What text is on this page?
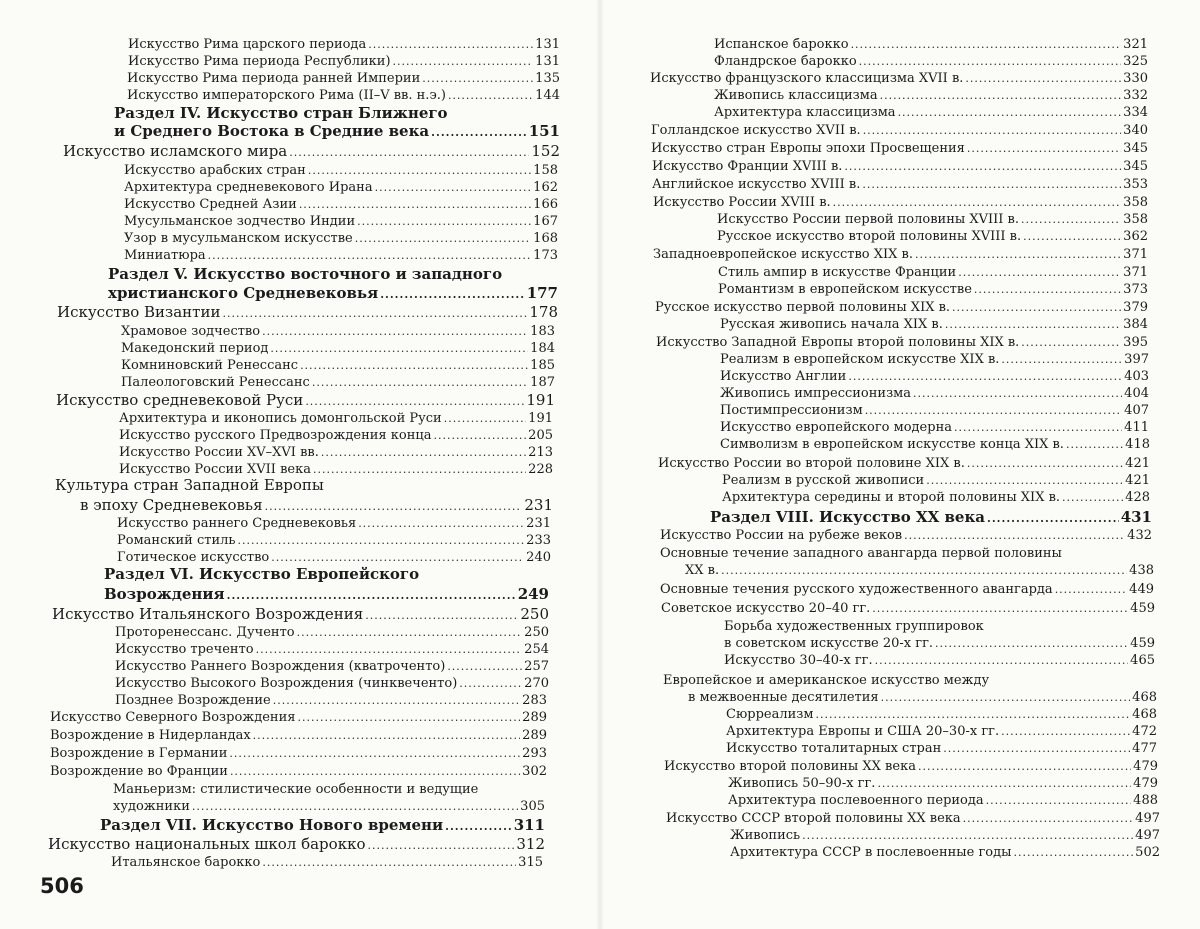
Искусство Рима царского периода
.....	131
Искусство Рима периода Республики)
.....	131
Искусство Рима периода ранней Империи
.....	135
Искусство императорского Рима (II–V вв. н.э.)
.....	144
Раздел IV. Искусство стран Ближнего
и Среднего Востока в Средние века
.....	151
Искусство исламского мира
.....	152
Искусство арабских стран
.....	158
Архитектура средневекового Ирана
.....	162
Искусство Средней Азии
.....	166
Мусульманское зодчество Индии
.....	167
Узор в мусульманском искусстве
.....	168
Миниатюра
.....	173
Раздел V. Искусство восточного и западного
христианского Средневековья
.....	177
Искусство Византии
.....	178
Храмовое зодчество
.....	183
Македонский период
.....	184
Комниновский Ренессанс
.....	185
Палеологовский Ренессанс
.....	187
Искусство средневековой Руси
.....	191
Архитектура и иконопись домонгольской Руси
.....	191
Искусство русского Предвозрождения конца
.....	205
Искусство России XV–XVI вв.
.....	213
Искусство России XVII века
.....	228
Культура стран Западной Европы
в эпоху Средневековья
.....	231
Искусство раннего Средневековья
.....	231
Романский стиль
.....	233
Готическое искусство
.....	240
Раздел VI. Искусство Европейского
Возрождения
.....	249
Искусство Итальянского Возрождения
.....	250
Проторенессанс. Дученто
.....	250
Искусство треченто
.....	254
Искусство Раннего Возрождения (кватроченто)
.....	257
Искусство Высокого Возрождения (чинквеченто)
.....	270
Позднее Возрождение
.....	283
Искусство Северного Возрождения
.....	289
Возрождение в Нидерландах
.....	289
Возрождение в Германии
.....	293
Возрождение во Франции
.....	302
Маньеризм: стилистические особенности и ведущие
художники
.....	305
Раздел VII. Искусство Нового времени
.....	311
Искусство национальных школ барокко
.....	312
Итальянское барокко
.....	315
506
Испанское барокко
.....	321
Фландрское барокко
.....	325
Искусство французского классицизма XVII в.
.....	330
Живопись классицизма
.....	332
Архитектура классицизма
.....	334
Голландское искусство XVII в.
.....	340
Искусство стран Европы эпохи Просвещения
.....	345
Искусство Франции XVIII в.
.....	345
Английское искусство XVIII в.
.....	353
Искусство России XVIII в.
.....	358
Искусство России первой половины XVIII в.
.....	358
Русское искусство второй половины XVIII в.
.....	362
Западноевропейское искусство XIX в.
.....	371
Стиль ампир в искусстве Франции
.....	371
Романтизм в европейском искусстве
.....	373
Русское искусство первой половины XIX в.
.....	379
Русская живопись начала XIX в.
.....	384
Искусство Западной Европы второй половины XIX в.
.....	395
Реализм в европейском искусстве XIX в.
.....	397
Искусство Англии
.....	403
Живопись импрессионизма
.....	404
Постимпрессионизм
.....	407
Искусство европейского модерна
.....	411
Символизм в европейском искусстве конца XIX в.
.....	418
Искусство России во второй половине XIX в.
.....	421
Реализм в русской живописи
.....	421
Архитектура середины и второй половины XIX в.
.....	428
Раздел VIII. Искусство XX века
.....	431
Искусство России на рубеже веков
.....	432
Основные течение западного авангарда первой половины
XX в.
.....	438
Основные течения русского художественного авангарда
.....	449
Советское искусство 20–40 гг.
.....	459
Борьба художественных группировок
в советском искусстве 20-х гг.
.....	459
Искусство 30–40-х гг.
.....	465
Европейское и американское искусство между
в межвоенные десятилетия
.....	468
Сюрреализм
.....	468
Архитектура Европы и США 20–30-х гг.
.....	472
Искусство тоталитарных стран
.....	477
Искусство второй половины XX века
.....	479
Живопись 50–90-х гг.
.....	479
Архитектура послевоенного периода
.....	488
Искусство СССР второй половины XX века
.....	497
Живопись
.....	497
Архитектура СССР в послевоенные годы
.....	502
